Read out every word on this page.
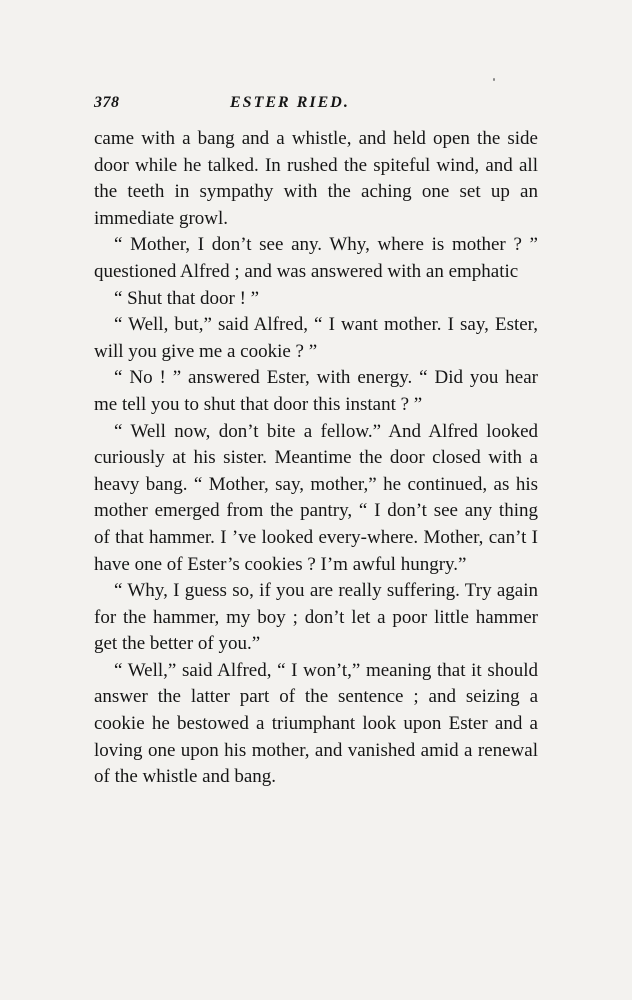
378	ESTER RIED.

came with a bang and a whistle, and held open the side door while he talked. In rushed the spiteful wind, and all the teeth in sympathy with the aching one set up an immediate growl.

“ Mother, I don’t see any. Why, where is mother ? ” questioned Alfred ; and was answered with an emphatic

“ Shut that door ! ”

“ Well, but,” said Alfred, “ I want mother. I say, Ester, will you give me a cookie ? ”

“ No ! ” answered Ester, with energy. “ Did you hear me tell you to shut that door this instant ? ”

“ Well now, don’t bite a fellow.” And Alfred looked curiously at his sister. Meantime the door closed with a heavy bang. “ Mother, say, mother,” he continued, as his mother emerged from the pantry, “ I don’t see any thing of that hammer. I ’ve looked every-where. Mother, can’t I have one of Ester’s cookies ? I’m awful hungry.”

“ Why, I guess so, if you are really suffering. Try again for the hammer, my boy ; don’t let a poor little hammer get the better of you.”

“ Well,” said Alfred, “ I won’t,” meaning that it should answer the latter part of the sentence ; and seizing a cookie he bestowed a triumphant look upon Ester and a loving one upon his mother, and vanished amid a renewal of the whistle and bang.
